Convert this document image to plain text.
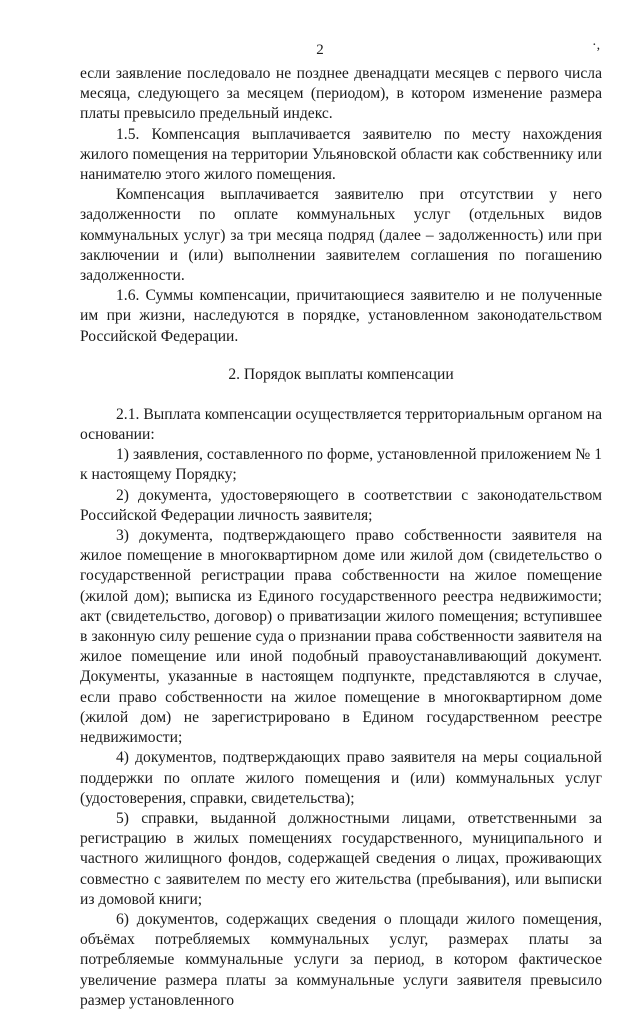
2	·,

если заявление последовало не позднее двенадцати месяцев с первого числа месяца, следующего за месяцем (периодом), в котором изменение размера платы превысило предельный индекс.

1.5. Компенсация выплачивается заявителю по месту нахождения жилого помещения на территории Ульяновской области как собственнику или нанимателю этого жилого помещения.

Компенсация выплачивается заявителю при отсутствии у него задолженности по оплате коммунальных услуг (отдельных видов коммунальных услуг) за три месяца подряд (далее – задолженность) или при заключении и (или) выполнении заявителем соглашения по погашению задолженности.

1.6. Суммы компенсации, причитающиеся заявителю и не полученные им при жизни, наследуются в порядке, установленном законодательством Российской Федерации.

2. Порядок выплаты компенсации

2.1. Выплата компенсации осуществляется территориальным органом на основании:

1) заявления, составленного по форме, установленной приложением № 1 к настоящему Порядку;

2) документа, удостоверяющего в соответствии с законодательством Российской Федерации личность заявителя;

3) документа, подтверждающего право собственности заявителя на жилое помещение в многоквартирном доме или жилой дом (свидетельство о государственной регистрации права собственности на жилое помещение (жилой дом); выписка из Единого государственного реестра недвижимости; акт (свидетельство, договор) о приватизации жилого помещения; вступившее в законную силу решение суда о признании права собственности заявителя на жилое помещение или иной подобный правоустанавливающий документ. Документы, указанные в настоящем подпункте, представляются в случае, если право собственности на жилое помещение в многоквартирном доме (жилой дом) не зарегистрировано в Едином государственном реестре недвижимости;

4) документов, подтверждающих право заявителя на меры социальной поддержки по оплате жилого помещения и (или) коммунальных услуг (удостоверения, справки, свидетельства);

5) справки, выданной должностными лицами, ответственными за регистрацию в жилых помещениях государственного, муниципального и частного жилищного фондов, содержащей сведения о лицах, проживающих совместно с заявителем по месту его жительства (пребывания), или выписки из домовой книги;

6) документов, содержащих сведения о площади жилого помещения, объёмах потребляемых коммунальных услуг, размерах платы за потребляемые коммунальные услуги за период, в котором фактическое увеличение размера платы за коммунальные услуги заявителя превысило размер установленного
